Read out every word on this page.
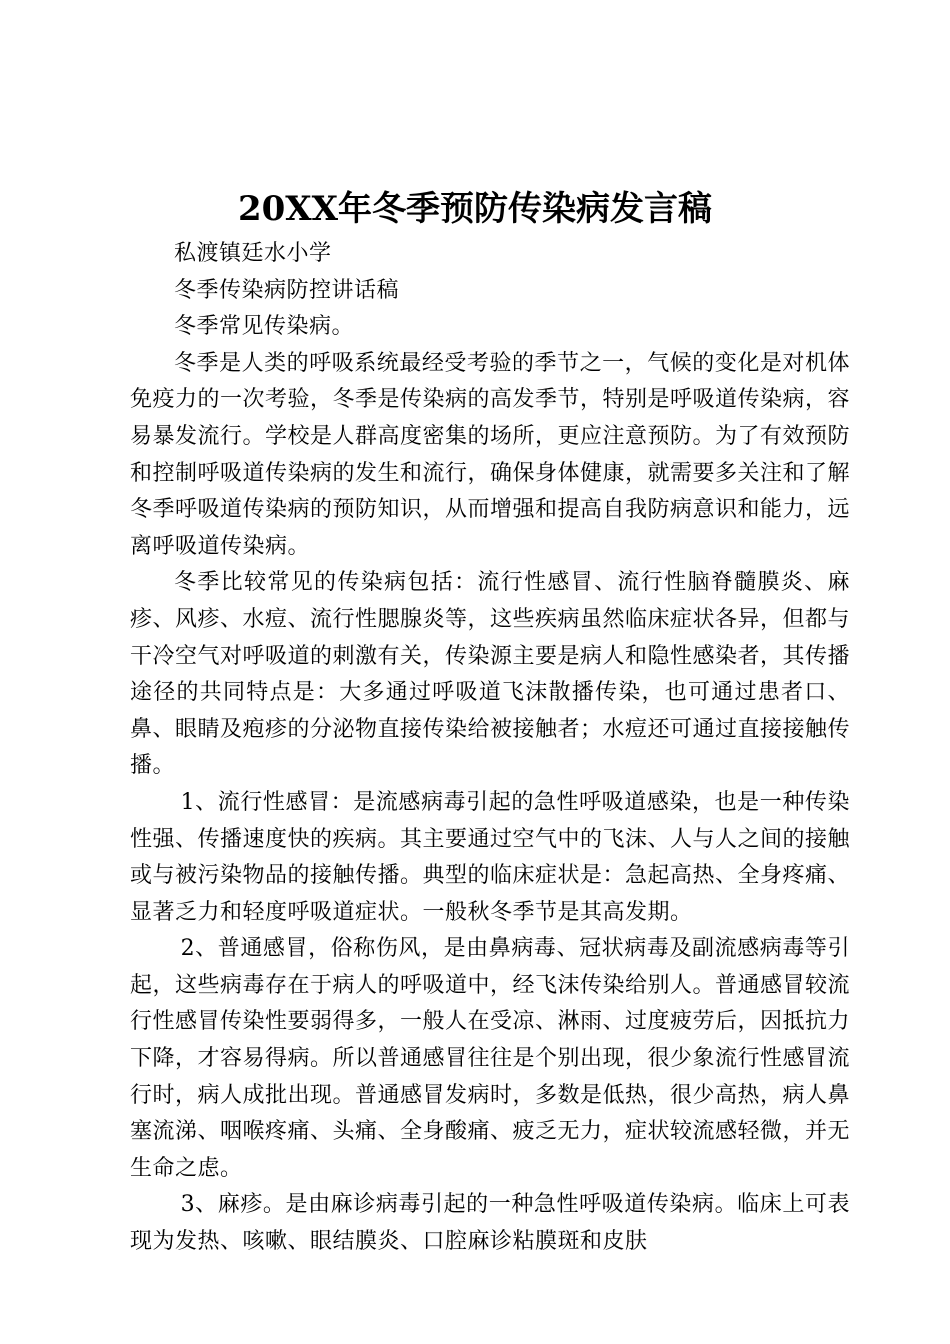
20XX年冬季预防传染病发言稿

私渡镇廷水小学

冬季传染病防控讲话稿

冬季常见传染病。

冬季是人类的呼吸系统最经受考验的季节之一，气候的变化是对机体免疫力的一次考验，冬季是传染病的高发季节，特别是呼吸道传染病，容易暴发流行。学校是人群高度密集的场所，更应注意预防。为了有效预防和控制呼吸道传染病的发生和流行，确保身体健康，就需要多关注和了解冬季呼吸道传染病的预防知识，从而增强和提高自我防病意识和能力，远离呼吸道传染病。

冬季比较常见的传染病包括：流行性感冒、流行性脑脊髓膜炎、麻疹、风疹、水痘、流行性腮腺炎等，这些疾病虽然临床症状各异，但都与干冷空气对呼吸道的刺激有关，传染源主要是病人和隐性感染者，其传播途径的共同特点是：大多通过呼吸道飞沫散播传染，也可通过患者口、鼻、眼睛及疱疹的分泌物直接传染给被接触者；水痘还可通过直接接触传播。

1、流行性感冒：是流感病毒引起的急性呼吸道感染，也是一种传染性强、传播速度快的疾病。其主要通过空气中的飞沫、人与人之间的接触或与被污染物品的接触传播。典型的临床症状是：急起高热、全身疼痛、显著乏力和轻度呼吸道症状。一般秋冬季节是其高发期。

2、普通感冒，俗称伤风，是由鼻病毒、冠状病毒及副流感病毒等引起，这些病毒存在于病人的呼吸道中，经飞沫传染给别人。普通感冒较流行性感冒传染性要弱得多，一般人在受凉、淋雨、过度疲劳后，因抵抗力下降，才容易得病。所以普通感冒往往是个别出现，很少象流行性感冒流行时，病人成批出现。普通感冒发病时，多数是低热，很少高热，病人鼻塞流涕、咽喉疼痛、头痛、全身酸痛、疲乏无力，症状较流感轻微，并无生命之虑。

3、麻疹。是由麻诊病毒引起的一种急性呼吸道传染病。临床上可表现为发热、咳嗽、眼结膜炎、口腔麻诊粘膜斑和皮肤
